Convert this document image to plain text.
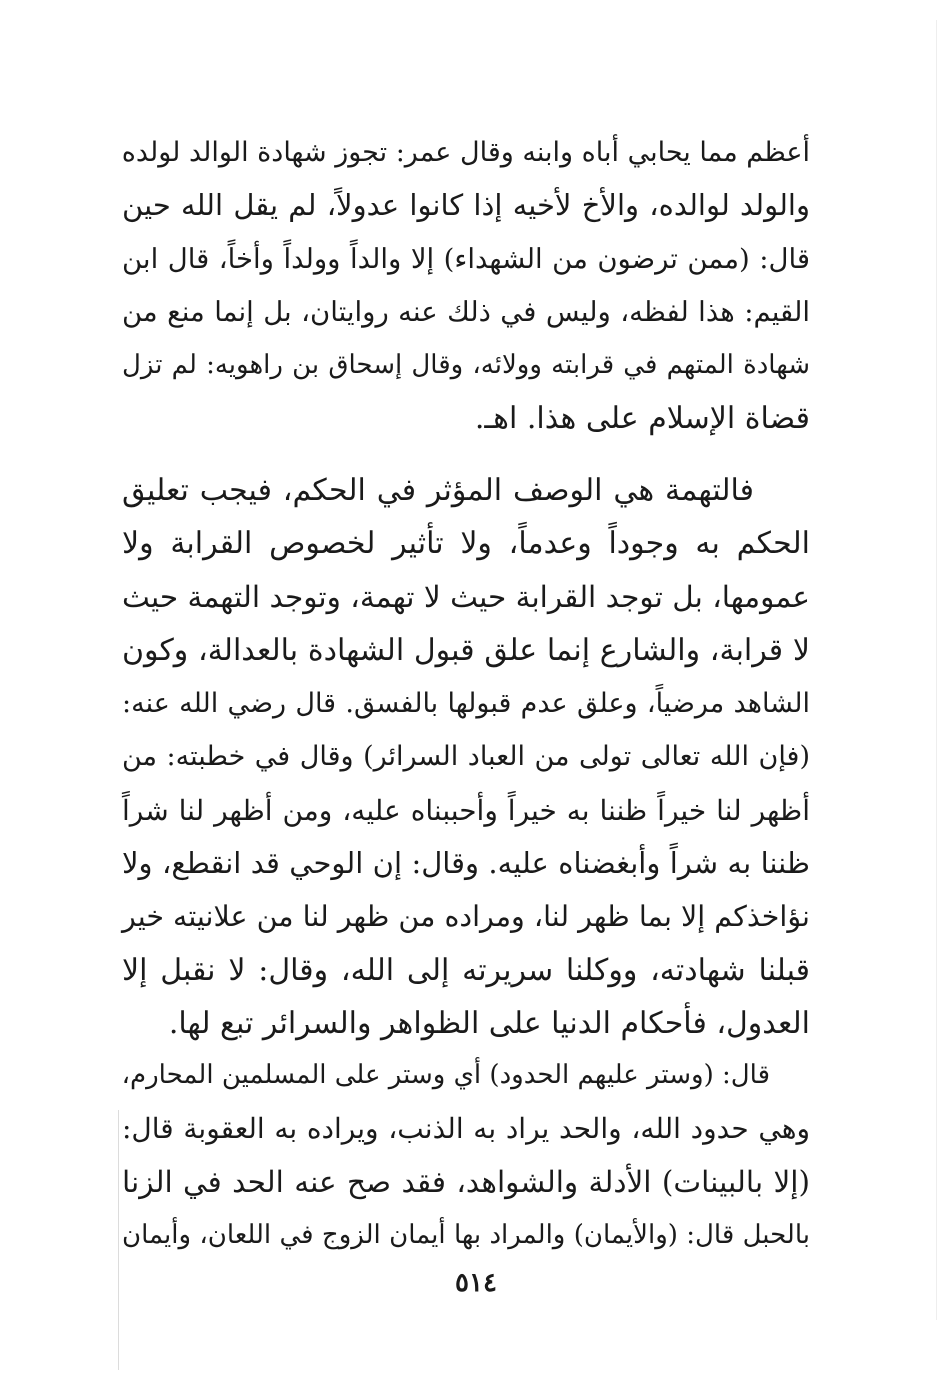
أعظم مما يحابي أباه وابنه وقال عمر: تجوز شهادة الوالد لولده
والولد لوالده، والأخ لأخيه إذا كانوا عدولاً، لم يقل الله حين
قال: (ممن ترضون من الشهداء) إلا والداً وولداً وأخاً، قال ابن
القيم: هذا لفظه، وليس في ذلك عنه روايتان، بل إنما منع من
شهادة المتهم في قرابته وولائه، وقال إسحاق بن راهويه: لم تزل
قضاة الإسلام على هذا. اهـ.
فالتهمة هي الوصف المؤثر في الحكم، فيجب تعليق
الحكم به وجوداً وعدماً، ولا تأثير لخصوص القرابة ولا
عمومها، بل توجد القرابة حيث لا تهمة، وتوجد التهمة حيث
لا قرابة، والشارع إنما علق قبول الشهادة بالعدالة، وكون
الشاهد مرضياً، وعلق عدم قبولها بالفسق. قال رضي الله عنه:
(فإن الله تعالى تولى من العباد السرائر) وقال في خطبته: من
أظهر لنا خيراً ظننا به خيراً وأحببناه عليه، ومن أظهر لنا شراً
ظننا به شراً وأبغضناه عليه. وقال: إن الوحي قد انقطع، ولا
نؤاخذكم إلا بما ظهر لنا، ومراده من ظهر لنا من علانيته خير
قبلنا شهادته، ووكلنا سريرته إلى الله، وقال: لا نقبل إلا
العدول، فأحكام الدنيا على الظواهر والسرائر تبع لها.
قال: (وستر عليهم الحدود) أي وستر على المسلمين المحارم،
وهي حدود الله، والحد يراد به الذنب، ويراده به العقوبة قال:
(إلا بالبينات) الأدلة والشواهد، فقد صح عنه الحد في الزنا
بالحبل قال: (والأيمان) والمراد بها أيمان الزوج في اللعان، وأيمان
٥١٤
